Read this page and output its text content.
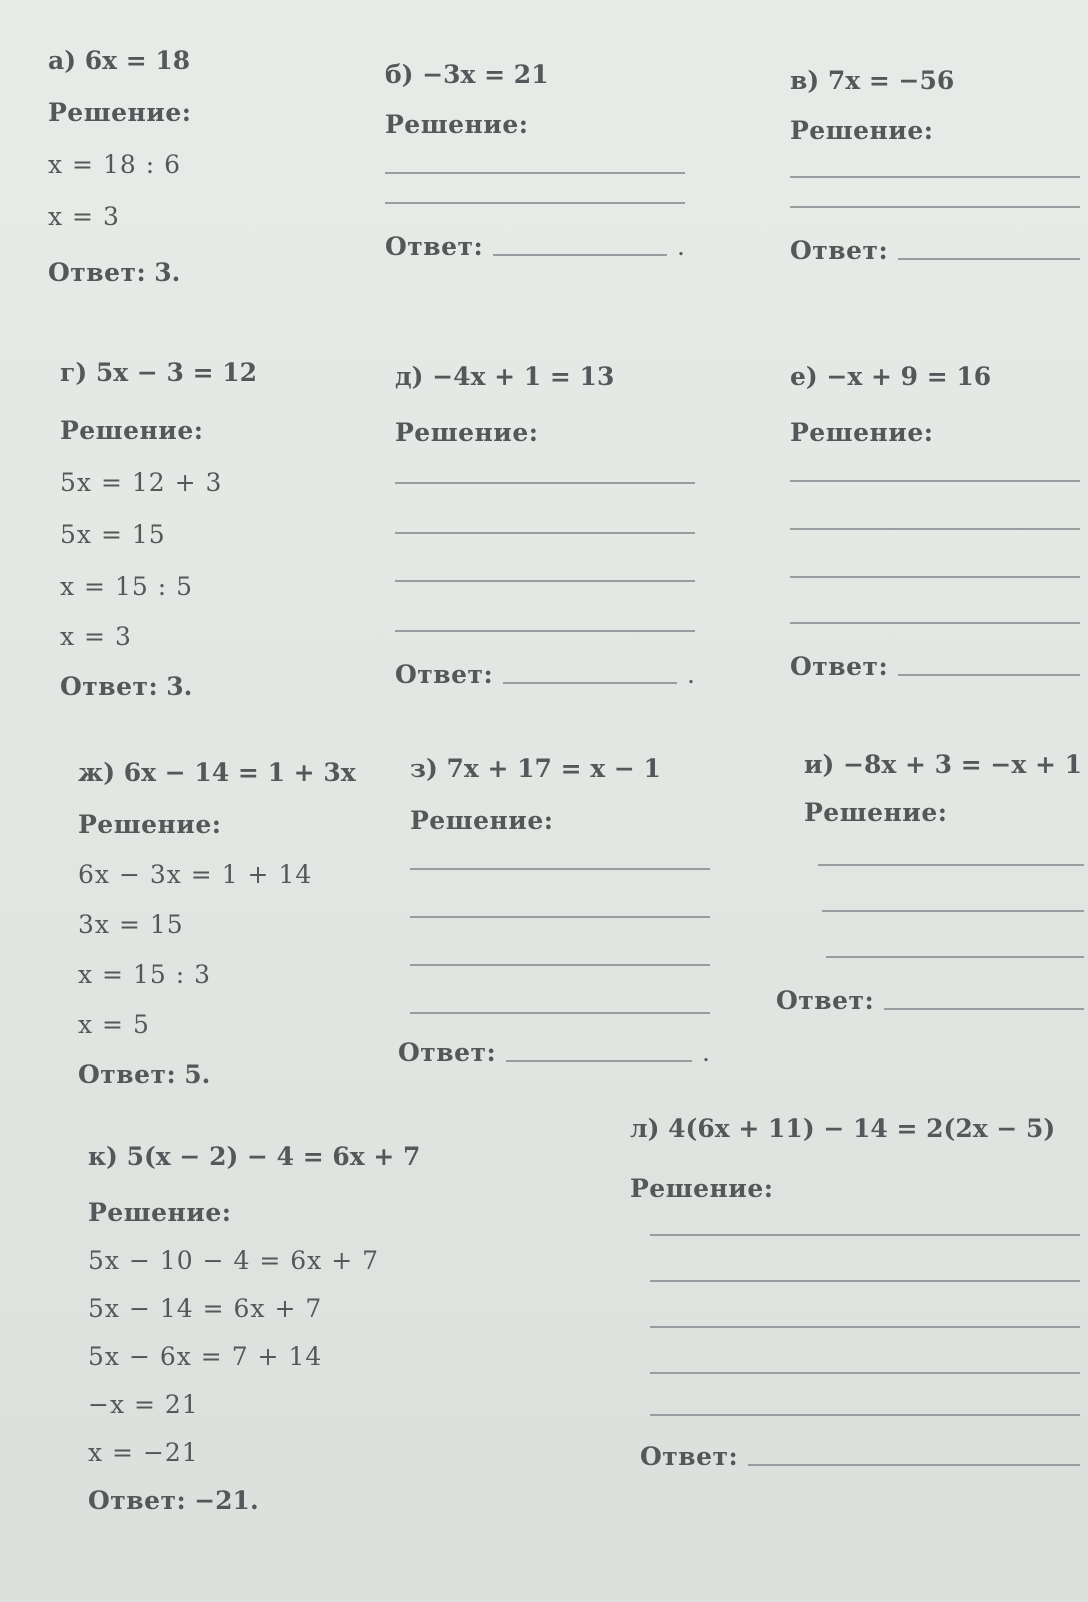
а) 6x = 18
Решение:
x = 18 : 6
x = 3
Ответ: 3.
б) −3x = 21
Решение:
Ответ:	.
в) 7x = −56
Решение:
Ответ:
г) 5x − 3 = 12
Решение:
5x = 12 + 3
5x = 15
x = 15 : 5
x = 3
Ответ: 3.
д) −4x + 1 = 13
Решение:
Ответ:	.
е) −x + 9 = 16
Решение:
Ответ:
ж) 6x − 14 = 1 + 3x
Решение:
6x − 3x = 1 + 14
3x = 15
x = 15 : 3
x = 5
Ответ: 5.
з) 7x + 17 = x − 1
Решение:
Ответ:	.
и) −8x + 3 = −x + 1
Решение:
Ответ:
к) 5(x − 2) − 4 = 6x + 7
Решение:
5x − 10 − 4 = 6x + 7
5x − 14 = 6x + 7
5x − 6x = 7 + 14
−x = 21
x = −21
Ответ: −21.
л) 4(6x + 11) − 14 = 2(2x − 5)
Решение:
Ответ:
